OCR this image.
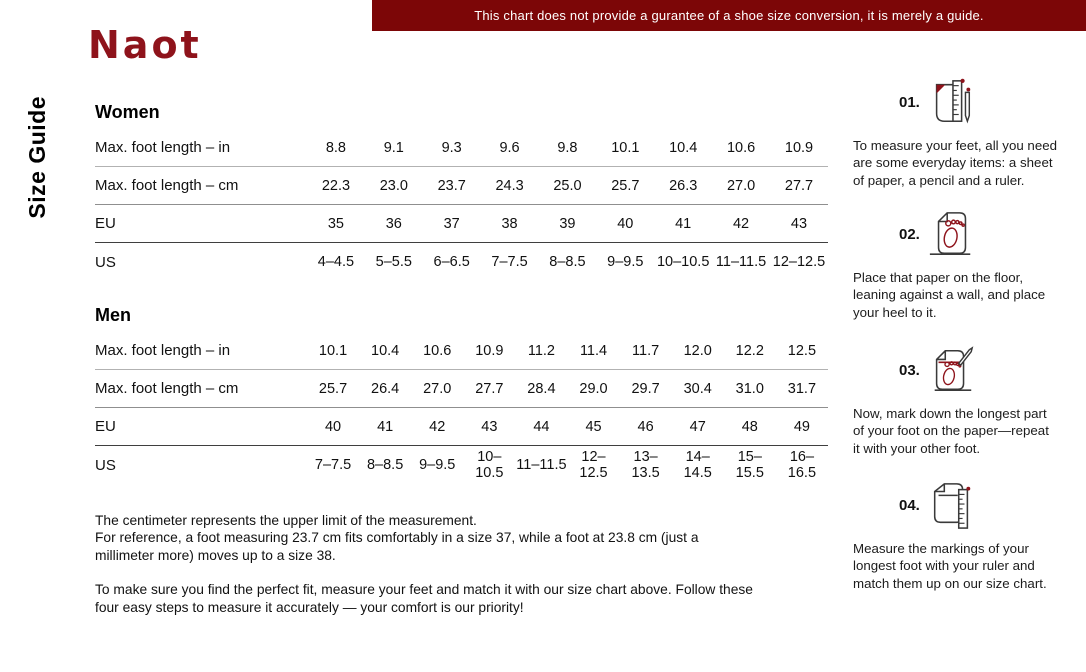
This chart does not provide a gurantee of a shoe size conversion, it is merely a guide.
Naot
Size Guide	Women
Max. foot length – in	8.8	9.1	9.3	9.6	9.8	10.1	10.4	10.6	10.9
Max. foot length – cm	22.3	23.0	23.7	24.3	25.0	25.7	26.3	27.0	27.7
EU	35	36	37	38	39	40	41	42	43
US	4–4.5	5–5.5	6–6.5	7–7.5	8–8.5	9–9.5	10–10.5	11–11.5	12–12.5
Men
Max. foot length – in	10.1	10.4	10.6	10.9	11.2	11.4	11.7	12.0	12.2	12.5
Max. foot length – cm	25.7	26.4	27.0	27.7	28.4	29.0	29.7	30.4	31.0	31.7
EU	40	41	42	43	44	45	46	47	48	49
US	7–7.5	8–8.5	9–9.5	10–10.5	11–11.5	12–12.5	13–13.5	14–14.5	15–15.5	16–16.5

The centimeter represents the upper limit of the measurement.
For reference, a foot measuring 23.7 cm fits comfortably in a size 37, while a foot at 23.8 cm (just a millimeter more) moves up to a size 38.

To make sure you find the perfect fit, measure your feet and match it with our size chart above. Follow these four easy steps to measure it accurately — your comfort is our priority!

01.
To measure your feet, all you need are some everyday items: a sheet of paper, a pencil and a ruler.
02.
Place that paper on the floor, leaning against a wall, and place your heel to it.
03.
Now, mark down the longest part of your foot on the paper—repeat it with your other foot.
04.
Measure the markings of your longest foot with your ruler and match them up on our size chart.
